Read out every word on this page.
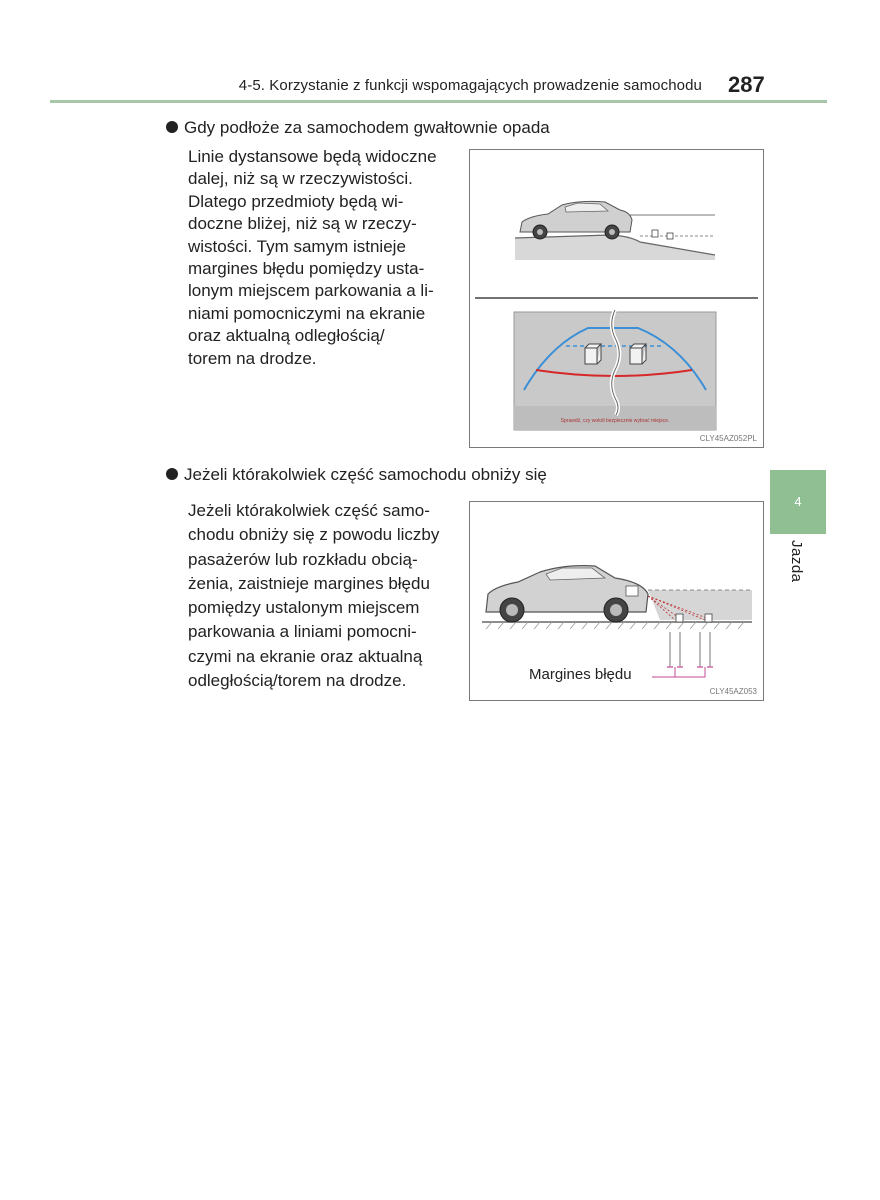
4-5. Korzystanie z funkcji wspomagających prowadzenie samochodu 287
4
Jazda
Gdy podłoże za samochodem gwałtownie opada
Linie dystansowe będą widoczne
dalej, niż są w rzeczywistości.
Dlatego przedmioty będą wi-
doczne bliżej, niż są w rzeczy-
wistości. Tym samym istnieje
margines błędu pomiędzy usta-
lonym miejscem parkowania a li-
niami pomocniczymi na ekranie
oraz aktualną odległością/
torem na drodze.
Sprawdź, czy wokół bezpiecznie wybrać miejsce.
CLY45AZ052PL
Jeżeli którakolwiek część samochodu obniży się
Jeżeli którakolwiek część samo-
chodu obniży się z powodu liczby
pasażerów lub rozkładu obcią-
żenia, zaistnieje margines błędu
pomiędzy ustalonym miejscem
parkowania a liniami pomocni-
czymi na ekranie oraz aktualną
odległością/torem na drodze.	Margines błędu
CLY45AZ053
